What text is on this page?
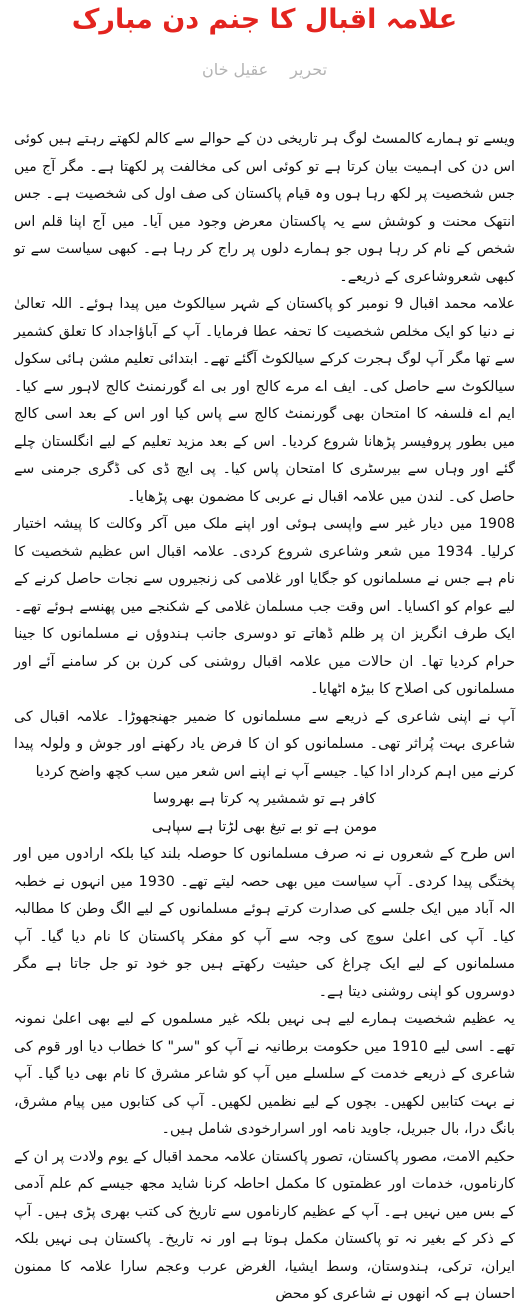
علامہ اقبال کا جنم دن مبارک
تحریرعقیل خان

ویسے تو ہمارے کالمسٹ لوگ ہر تاریخی دن کے حوالے سے کالم لکھتے رہتے ہیں کوئی اس دن کی اہمیت بیان کرتا ہے تو کوئی اس کی مخالفت پر لکھتا ہے۔ مگر آج میں جس شخصیت پر لکھ رہا ہوں وہ قیام پاکستان کی صف اول کی شخصیت ہے۔ جس انتھک محنت و کوشش سے یہ پاکستان معرض وجود میں آیا۔ میں آج اپنا قلم اس شخص کے نام کر رہا ہوں جو ہمارے دلوں پر راج کر رہا ہے۔ کبھی سیاست سے تو کبھی شعروشاعری کے ذریعے۔

علامہ محمد اقبال 9 نومبر کو پاکستان کے شہر سیالکوٹ میں پیدا ہوئے۔ اللہ تعالیٰ نے دنیا کو ایک مخلص شخصیت کا تحفہ عطا فرمایا۔ آپ کے آباؤاجداد کا تعلق کشمیر سے تھا مگر آپ لوگ ہجرت کرکے سیالکوٹ آگئے تھے۔ ابتدائی تعلیم مشن ہائی سکول سیالکوٹ سے حاصل کی۔ ایف اے مرے کالج اور بی اے گورنمنٹ کالج لاہور سے کیا۔ ایم اے فلسفہ کا امتحان بھی گورنمنٹ کالج سے پاس کیا اور اس کے بعد اسی کالج میں بطور پروفیسر پڑھانا شروع کردیا۔ اس کے بعد مزید تعلیم کے لیے انگلستان چلے گئے اور وہاں سے بیرسٹری کا امتحان پاس کیا۔ پی ایچ ڈی کی ڈگری جرمنی سے حاصل کی۔ لندن میں علامہ اقبال نے عربی کا مضمون بھی پڑھایا۔

1908 میں دیار غیر سے واپسی ہوئی اور اپنے ملک میں آکر وکالت کا پیشہ اختیار کرلیا۔ 1934 میں شعر وشاعری شروع کردی۔ علامہ اقبال اس عظیم شخصیت کا نام ہے جس نے مسلمانوں کو جگایا اور غلامی کی زنجیروں سے نجات حاصل کرنے کے لیے عوام کو اکسایا۔ اس وقت جب مسلمان غلامی کے شکنجے میں پھنسے ہوئے تھے۔ ایک طرف انگریز ان پر ظلم ڈھاتے تو دوسری جانب ہندوؤں نے مسلمانوں کا جینا حرام کردیا تھا۔ ان حالات میں علامہ اقبال روشنی کی کرن بن کر سامنے آئے اور مسلمانوں کی اصلاح کا بیڑہ اٹھایا۔

آپ نے اپنی شاعری کے ذریعے سے مسلمانوں کا ضمیر جھنجھوڑا۔ علامہ اقبال کی شاعری بہت پُراثر تھی۔ مسلمانوں کو ان کا فرض یاد رکھنے اور جوش و ولولہ پیدا کرنے میں اہم کردار ادا کیا۔ جیسے آپ نے اپنے اس شعر میں سب کچھ واضح کردیا

کافر ہے تو شمشیر پہ کرتا ہے بھروسا

مومن ہے تو بے تیغ بھی لڑتا ہے سپاہی

اس طرح کے شعروں نے نہ صرف مسلمانوں کا حوصلہ بلند کیا بلکہ ارادوں میں اور پختگی پیدا کردی۔ آپ سیاست میں بھی حصہ لیتے تھے۔ 1930 میں انہوں نے خطبہ الہ آباد میں ایک جلسے کی صدارت کرتے ہوئے مسلمانوں کے لیے الگ وطن کا مطالبہ کیا۔ آپ کی اعلیٰ سوچ کی وجہ سے آپ کو مفکر پاکستان کا نام دیا گیا۔ آپ مسلمانوں کے لیے ایک چراغ کی حیثیت رکھتے ہیں جو خود تو جل جاتا ہے مگر دوسروں کو اپنی روشنی دیتا ہے۔

یہ عظیم شخصیت ہمارے لیے ہی نہیں بلکہ غیر مسلموں کے لیے بھی اعلیٰ نمونہ تھے۔ اسی لیے 1910 میں حکومت برطانیہ نے آپ کو "سر" کا خطاب دیا اور قوم کی شاعری کے ذریعے خدمت کے سلسلے میں آپ کو شاعر مشرق کا نام بھی دیا گیا۔ آپ نے بہت کتابیں لکھیں۔ بچوں کے لیے نظمیں لکھیں۔ آپ کی کتابوں میں پیام مشرق، بانگ درا، بال جبریل، جاوید نامہ اور اسرارخودی شامل ہیں۔

حکیم الامت، مصور پاکستان، تصور پاکستان علامہ محمد اقبال کے یوم ولادت پر ان کے کارناموں، خدمات اور عظمتوں کا مکمل احاطہ کرنا شاید مجھ جیسے کم علم آدمی کے بس میں نہیں ہے۔ آپ کے عظیم کارناموں سے تاریخ کی کتب بھری پڑی ہیں۔ آپ کے ذکر کے بغیر نہ تو پاکستان مکمل ہوتا ہے اور نہ تاریخ۔ پاکستان ہی نہیں بلکہ ایران، ترکی، ہندوستان، وسط ایشیا، الغرض عرب وعجم سارا علامہ کا ممنون احسان ہے کہ انھوں نے شاعری کو محض
